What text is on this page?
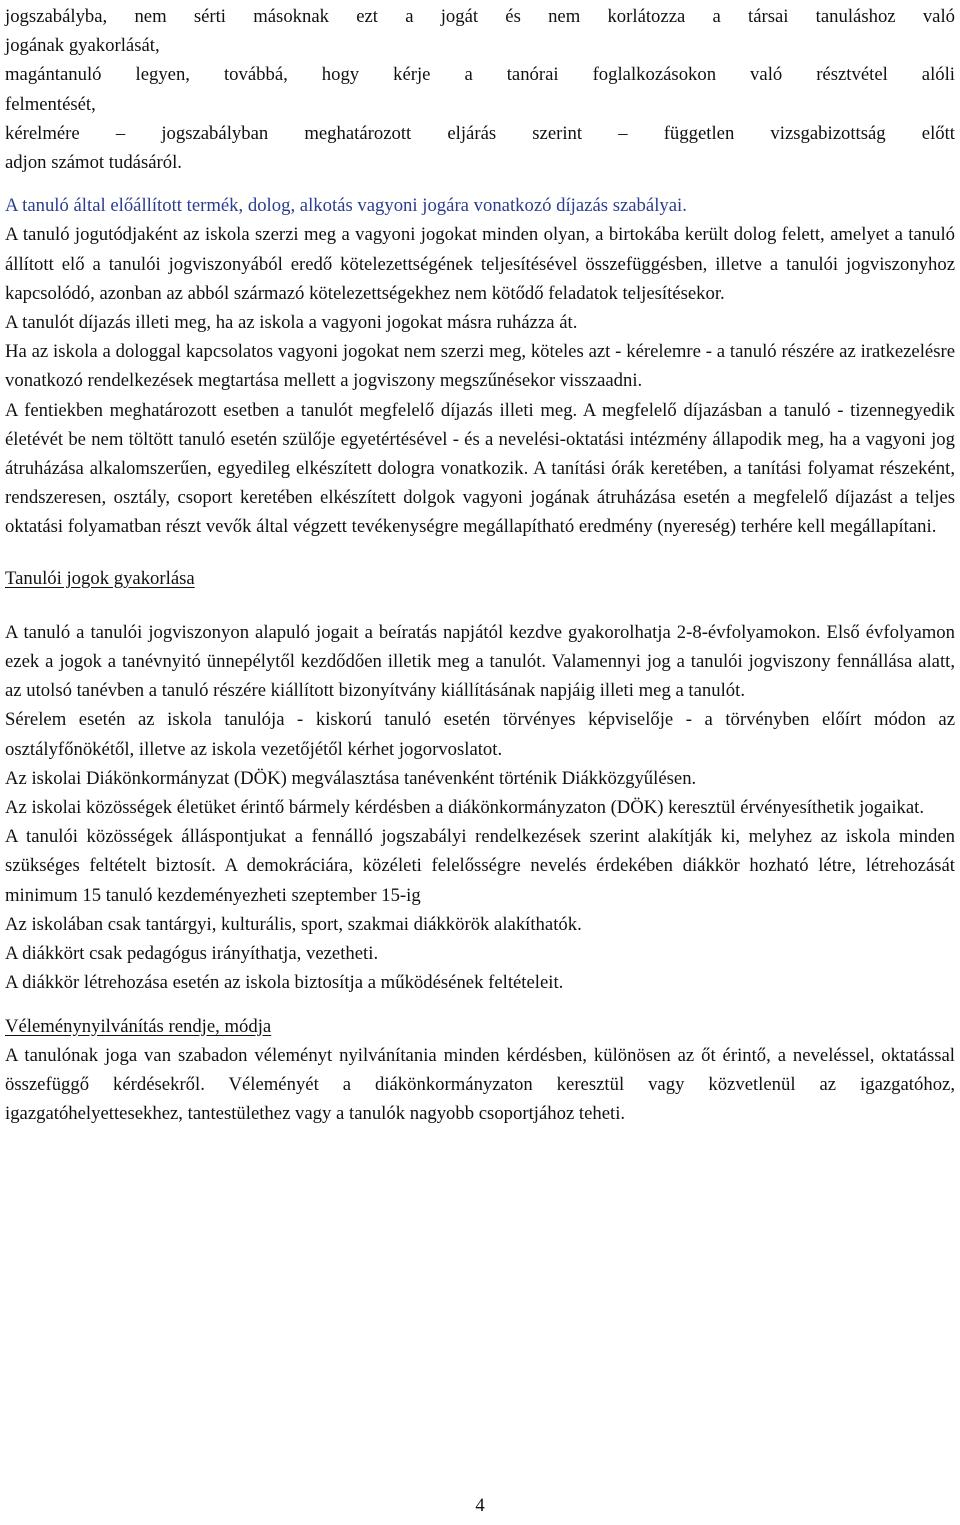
jogszabályba, nem sérti másoknak ezt a jogát és nem korlátozza a társai tanuláshoz való
jogának gyakorlását,
magántanuló legyen, továbbá, hogy kérje a tanórai foglalkozásokon való résztvétel alóli
felmentését,
kérelmére – jogszabályban meghatározott eljárás szerint – független vizsgabizottság előtt
adjon számot tudásáról.

A tanuló által előállított termék, dolog, alkotás vagyoni jogára vonatkozó díjazás szabályai.

A tanuló jogutódjaként az iskola szerzi meg a vagyoni jogokat minden olyan, a birtokába került dolog felett, amelyet a tanuló állított elő a tanulói jogviszonyából eredő kötelezettségének teljesítésével összefüggésben, illetve a tanulói jogviszonyhoz kapcsolódó, azonban az abból származó kötelezettségekhez nem kötődő feladatok teljesítésekor.

A tanulót díjazás illeti meg, ha az iskola a vagyoni jogokat másra ruházza át.

Ha az iskola a dologgal kapcsolatos vagyoni jogokat nem szerzi meg, köteles azt - kérelemre - a tanuló részére az iratkezelésre vonatkozó rendelkezések megtartása mellett a jogviszony megszűnésekor visszaadni.

A fentiekben meghatározott esetben a tanulót megfelelő díjazás illeti meg. A megfelelő díjazásban a tanuló - tizennegyedik életévét be nem töltött tanuló esetén szülője egyetértésével - és a nevelési-oktatási intézmény állapodik meg, ha a vagyoni jog átruházása alkalomszerűen, egyedileg elkészített dologra vonatkozik. A tanítási órák keretében, a tanítási folyamat részeként, rendszeresen, osztály, csoport keretében elkészített dolgok vagyoni jogának átruházása esetén a megfelelő díjazást a teljes oktatási folyamatban részt vevők által végzett tevékenységre megállapítható eredmény (nyereség) terhére kell megállapítani.

Tanulói jogok gyakorlása

A tanuló a tanulói jogviszonyon alapuló jogait a beíratás napjától kezdve gyakorolhatja 2-8-évfolyamokon. Első évfolyamon ezek a jogok a tanévnyitó ünnepélytől kezdődően illetik meg a tanulót. Valamennyi jog a tanulói jogviszony fennállása alatt, az utolsó tanévben a tanuló részére kiállított bizonyítvány kiállításának napjáig illeti meg a tanulót.

Sérelem esetén az iskola tanulója - kiskorú tanuló esetén törvényes képviselője - a törvényben előírt módon az osztályfőnökétől, illetve az iskola vezetőjétől kérhet jogorvoslatot.

Az iskolai Diákönkormányzat (DÖK) megválasztása tanévenként történik Diákközgyűlésen.

Az iskolai közösségek életüket érintő bármely kérdésben a diákönkormányzaton (DÖK) keresztül érvényesíthetik jogaikat.

A tanulói közösségek álláspontjukat a fennálló jogszabályi rendelkezések szerint alakítják ki, melyhez az iskola minden szükséges feltételt biztosít. A demokráciára, közéleti felelősségre nevelés érdekében diákkör hozható létre, létrehozását minimum 15 tanuló kezdeményezheti szeptember 15-ig

Az iskolában csak tantárgyi, kulturális, sport, szakmai diákkörök alakíthatók.

A diákkört csak pedagógus irányíthatja, vezetheti.

A diákkör létrehozása esetén az iskola biztosítja a működésének feltételeit.

Véleménynyilvánítás rendje, módja

A tanulónak joga van szabadon véleményt nyilvánítania minden kérdésben, különösen az őt érintő, a neveléssel, oktatással összefüggő kérdésekről. Véleményét a diákönkormányzaton keresztül vagy közvetlenül az igazgatóhoz, igazgatóhelyettesekhez, tantestülethez vagy a tanulók nagyobb csoportjához teheti.

4
